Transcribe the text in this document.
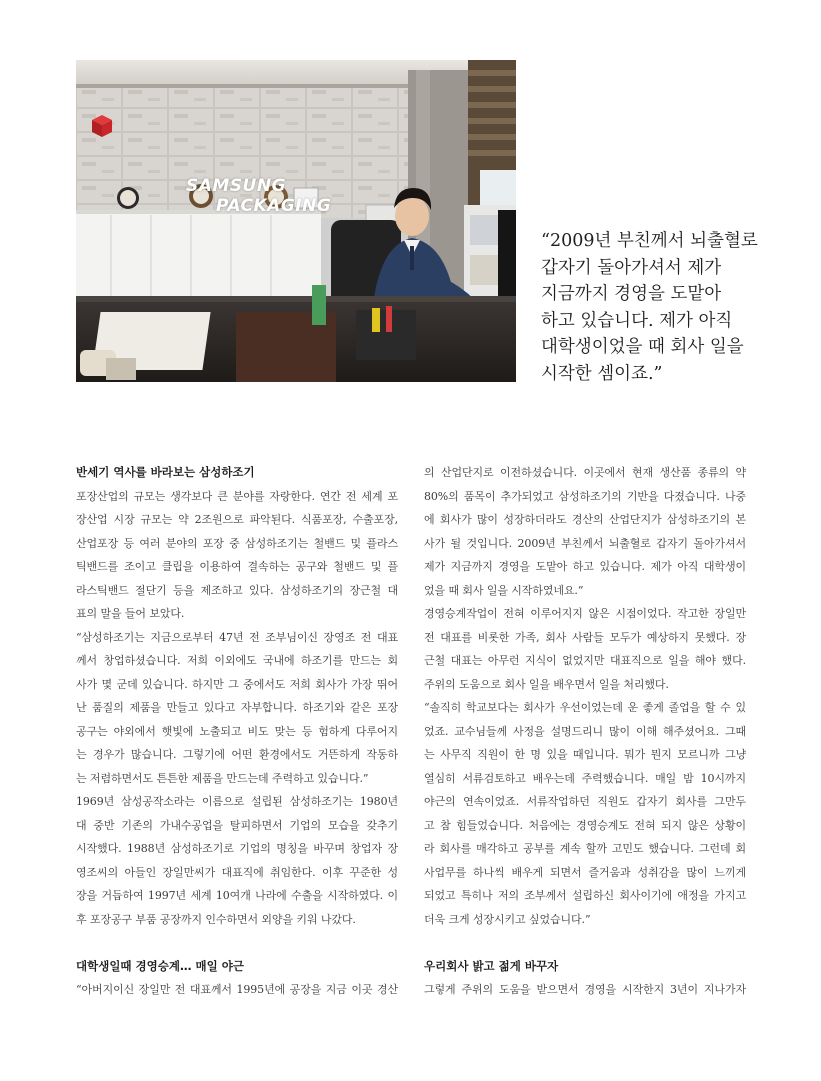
SAMSUNG
PACKAGING
“2009년 부친께서 뇌출혈로
갑자기 돌아가셔서 제가
지금까지 경영을 도맡아
하고 있습니다. 제가 아직
대학생이었을 때 회사 일을
시작한 셈이죠.”
반세기 역사를 바라보는 삼성하조기

포장산업의 규모는 생각보다 큰 분야를 자랑한다. 연간 전 세계 포
장산업 시장 규모는 약 2조원으로 파악된다. 식품포장, 수출포장,
산업포장 등 여러 분야의 포장 중 삼성하조기는 철밴드 및 플라스
틱밴드를 조이고 클립을 이용하여 결속하는 공구와 철밴드 및 플
라스틱밴드 절단기 등을 제조하고 있다. 삼성하조기의 장근철 대
표의 말을 들어 보았다.

“삼성하조기는 지금으로부터 47년 전 조부님이신 장영조 전 대표
께서 창업하셨습니다. 저희 이외에도 국내에 하조기를 만드는 회
사가 몇 군데 있습니다. 하지만 그 중에서도 저희 회사가 가장 뛰어
난 품질의 제품을 만들고 있다고 자부합니다. 하조기와 같은 포장
공구는 야외에서 햇빛에 노출되고 비도 맞는 등 험하게 다루어지
는 경우가 많습니다. 그렇기에 어떤 환경에서도 거뜬하게 작동하
는 저렴하면서도 튼튼한 제품을 만드는데 주력하고 있습니다.”

1969년 삼성공작소라는 이름으로 설립된 삼성하조기는 1980년
대 중반 기존의 가내수공업을 탈피하면서 기업의 모습을 갖추기
시작했다. 1988년 삼성하조기로 기업의 명칭을 바꾸며 창업자 장
영조씨의 아들인 장일만씨가 대표직에 취임한다. 이후 꾸준한 성
장을 거듭하여 1997년 세계 10여개 나라에 수출을 시작하였다. 이
후 포장공구 부품 공장까지 인수하면서 외양을 키워 나갔다.

대학생일때 경영승계… 매일 야근

“아버지이신 장일만 전 대표께서 1995년에 공장을 지금 이곳 경산

의 산업단지로 이전하셨습니다. 이곳에서 현재 생산품 종류의 약
80%의 품목이 추가되었고 삼성하조기의 기반을 다졌습니다. 나중
에 회사가 많이 성장하더라도 경산의 산업단지가 삼성하조기의 본
사가 될 것입니다. 2009년 부친께서 뇌출혈로 갑자기 돌아가셔서
제가 지금까지 경영을 도맡아 하고 있습니다. 제가 아직 대학생이
었을 때 회사 일을 시작하였네요.”

경영승계작업이 전혀 이루어지지 않은 시점이었다. 작고한 장일만
전 대표를 비롯한 가족, 회사 사람들 모두가 예상하지 못했다. 장
근철 대표는 아무런 지식이 없었지만 대표직으로 일을 해야 했다.
주위의 도움으로 회사 일을 배우면서 일을 처리했다.

“솔직히 학교보다는 회사가 우선이었는데 운 좋게 졸업을 할 수 있
었죠. 교수님들께 사정을 설명드리니 많이 이해 해주셨어요. 그때
는 사무직 직원이 한 명 있을 때입니다. 뭐가 뭔지 모르니까 그냥
열심히 서류검토하고 배우는데 주력했습니다. 매일 밤 10시까지
야근의 연속이었죠. 서류작업하던 직원도 갑자기 회사를 그만두
고 참 힘들었습니다. 처음에는 경영승계도 전혀 되지 않은 상황이
라 회사를 매각하고 공부를 계속 할까 고민도 했습니다. 그런데 회
사업무를 하나씩 배우게 되면서 즐거움과 성취감을 많이 느끼게
되었고 특히나 저의 조부께서 설립하신 회사이기에 애정을 가지고
더욱 크게 성장시키고 싶었습니다.”

우리회사 밝고 젊게 바꾸자

그렇게 주위의 도움을 받으면서 경영을 시작한지 3년이 지나가자
